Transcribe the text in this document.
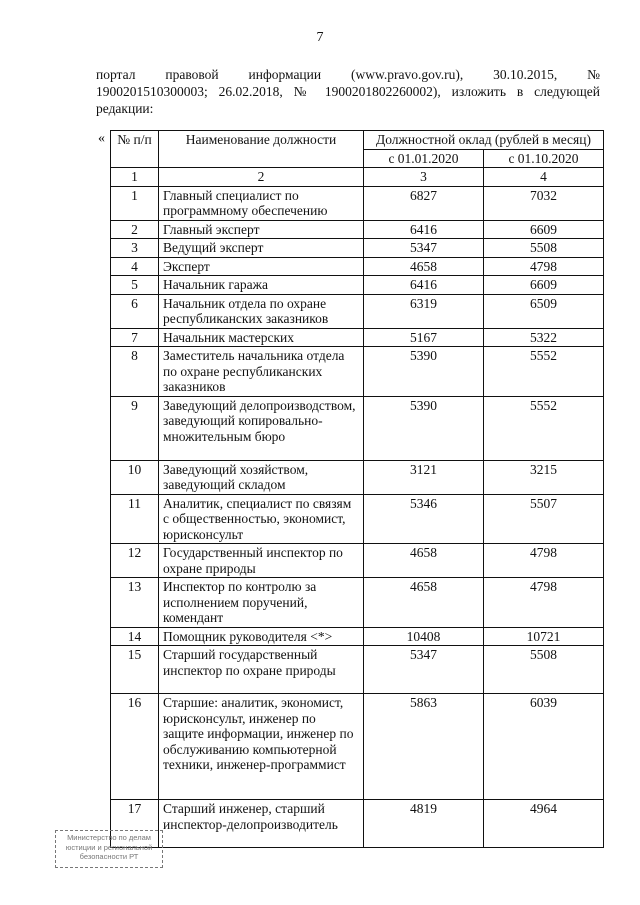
7
портал правовой информации (www.pravo.gov.ru), 30.10.2015, №
1900201510300003; 26.02.2018, № 1900201802260002), изложить в следующей
редакции:
« № п/п	Наименование должности	Должностной оклад (рублей в месяц)	
		с 01.01.2020	с 01.10.2020
1	2	3	4
1	Главный специалист по программному обеспечению	6827	7032
2	Главный эксперт	6416	6609
3	Ведущий эксперт	5347	5508
4	Эксперт	4658	4798
5	Начальник гаража	6416	6609
6	Начальник отдела по охране республиканских заказников	6319	6509
7	Начальник мастерских	5167	5322
8	Заместитель начальника отдела по охране республиканских заказников	5390	5552
9	Заведующий делопроизводством, заведующий копировально-множительным бюро	5390	5552
10	Заведующий хозяйством, заведующий складом	3121	3215
11	Аналитик, специалист по связям с общественностью, экономист, юрисконсульт	5346	5507
12	Государственный инспектор по охране природы	4658	4798
13	Инспектор по контролю за исполнением поручений, комендант	4658	4798
14	Помощник руководителя <*>	10408	10721
15	Старший государственный инспектор по охране природы	5347	5508
16	Старшие: аналитик, экономист, юрисконсульт, инженер по защите информации, инженер по обслуживанию компьютерной техники, инженер-программист	5863	6039
17	Старший инженер, старший инспектор-делопроизводитель	4819	4964
Министерство по делам
юстиции и региональной
безопасности РТ
